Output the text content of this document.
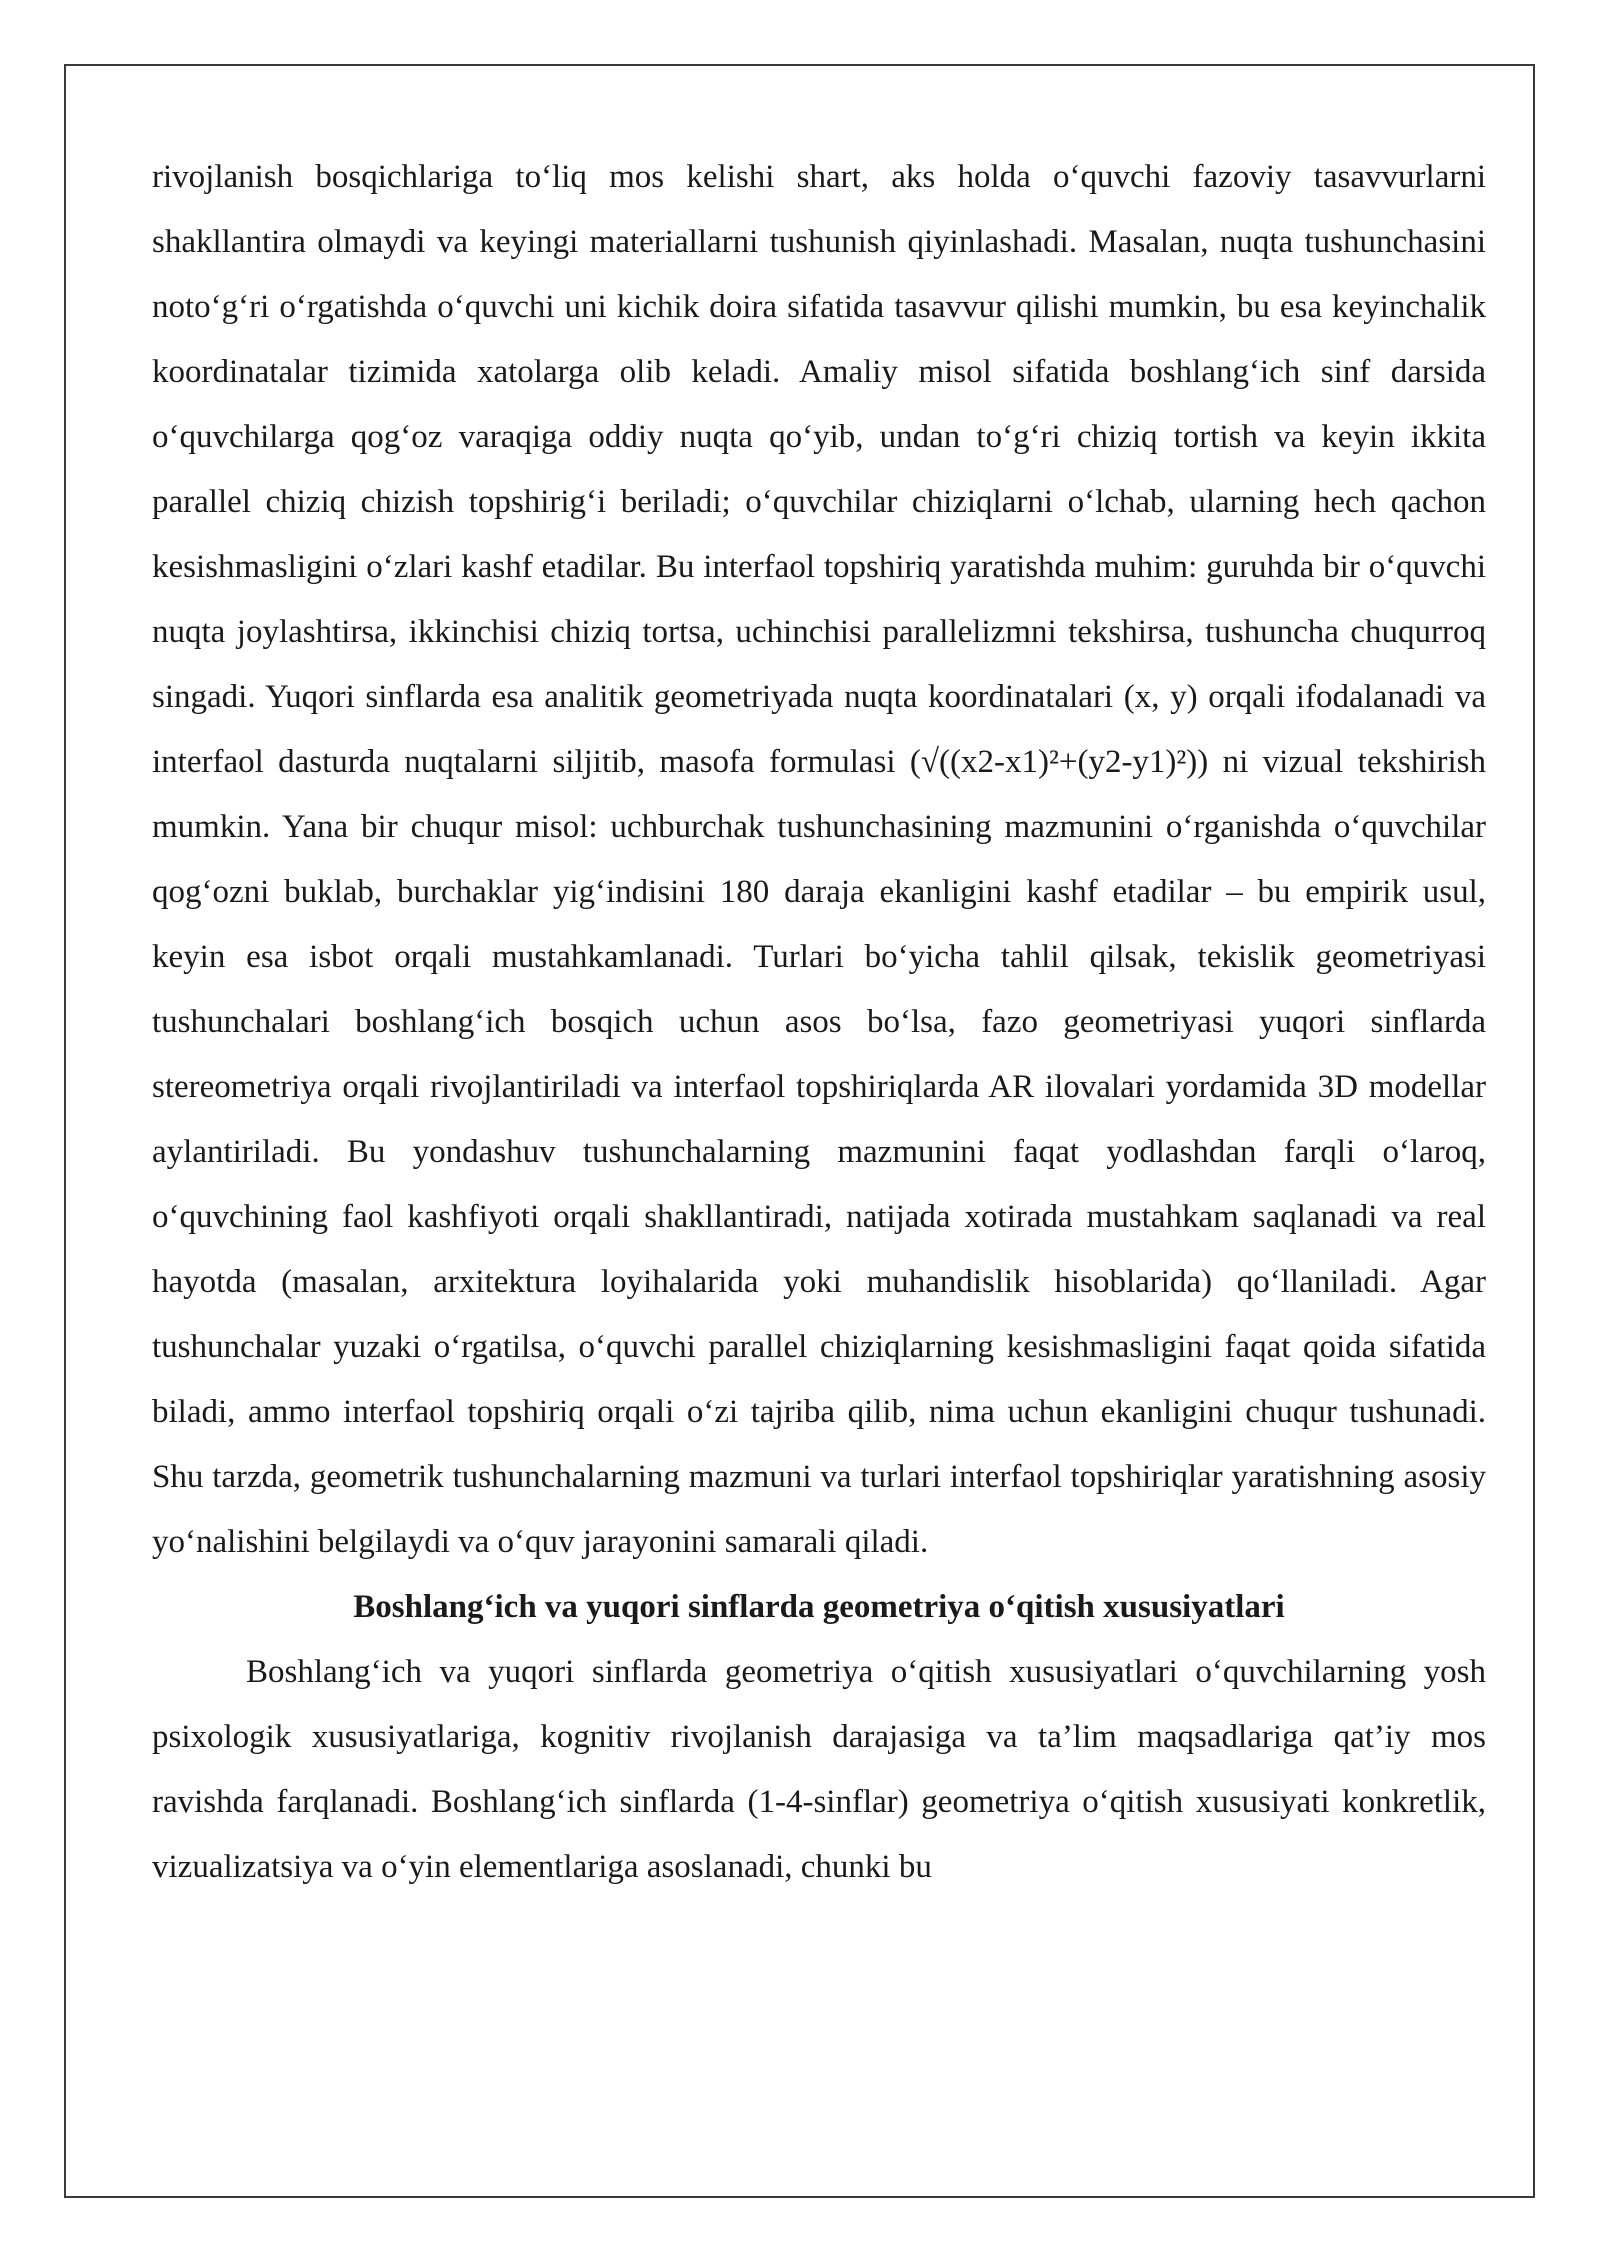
rivojlanish bosqichlariga to‘liq mos kelishi shart, aks holda o‘quvchi fazoviy tasavvurlarni shakllantira olmaydi va keyingi materiallarni tushunish qiyinlashadi. Masalan, nuqta tushunchasini noto‘g‘ri o‘rgatishda o‘quvchi uni kichik doira sifatida tasavvur qilishi mumkin, bu esa keyinchalik koordinatalar tizimida xatolarga olib keladi. Amaliy misol sifatida boshlang‘ich sinf darsida o‘quvchilarga qog‘oz varaqiga oddiy nuqta qo‘yib, undan to‘g‘ri chiziq tortish va keyin ikkita parallel chiziq chizish topshirig‘i beriladi; o‘quvchilar chiziqlarni o‘lchab, ularning hech qachon kesishmasligini o‘zlari kashf etadilar. Bu interfaol topshiriq yaratishda muhim: guruhda bir o‘quvchi nuqta joylashtirsa, ikkinchisi chiziq tortsa, uchinchisi parallelizmni tekshirsa, tushuncha chuqurroq singadi. Yuqori sinflarda esa analitik geometriyada nuqta koordinatalari (x, y) orqali ifodalanadi va interfaol dasturda nuqtalarni siljitib, masofa formulasi (√((x2-x1)²+(y2-y1)²)) ni vizual tekshirish mumkin. Yana bir chuqur misol: uchburchak tushunchasining mazmunini o‘rganishda o‘quvchilar qog‘ozni buklab, burchaklar yig‘indisini 180 daraja ekanligini kashf etadilar – bu empirik usul, keyin esa isbot orqali mustahkamlanadi. Turlari bo‘yicha tahlil qilsak, tekislik geometriyasi tushunchalari boshlang‘ich bosqich uchun asos bo‘lsa, fazo geometriyasi yuqori sinflarda stereometriya orqali rivojlantiriladi va interfaol topshiriqlarda AR ilovalari yordamida 3D modellar aylantiriladi. Bu yondashuv tushunchalarning mazmunini faqat yodlashdan farqli o‘laroq, o‘quvchining faol kashfiyoti orqali shakllantiradi, natijada xotirada mustahkam saqlanadi va real hayotda (masalan, arxitektura loyihalarida yoki muhandislik hisoblarida) qo‘llaniladi. Agar tushunchalar yuzaki o‘rgatilsa, o‘quvchi parallel chiziqlarning kesishmasligini faqat qoida sifatida biladi, ammo interfaol topshiriq orqali o‘zi tajriba qilib, nima uchun ekanligini chuqur tushunadi. Shu tarzda, geometrik tushunchalarning mazmuni va turlari interfaol topshiriqlar yaratishning asosiy yo‘nalishini belgilaydi va o‘quv jarayonini samarali qiladi.

Boshlang‘ich va yuqori sinflarda geometriya o‘qitish xususiyatlari

Boshlang‘ich va yuqori sinflarda geometriya o‘qitish xususiyatlari o‘quvchilarning yosh psixologik xususiyatlariga, kognitiv rivojlanish darajasiga va ta’lim maqsadlariga qat’iy mos ravishda farqlanadi. Boshlang‘ich sinflarda (1-4-sinflar) geometriya o‘qitish xususiyati konkretlik, vizualizatsiya va o‘yin elementlariga asoslanadi, chunki bu
